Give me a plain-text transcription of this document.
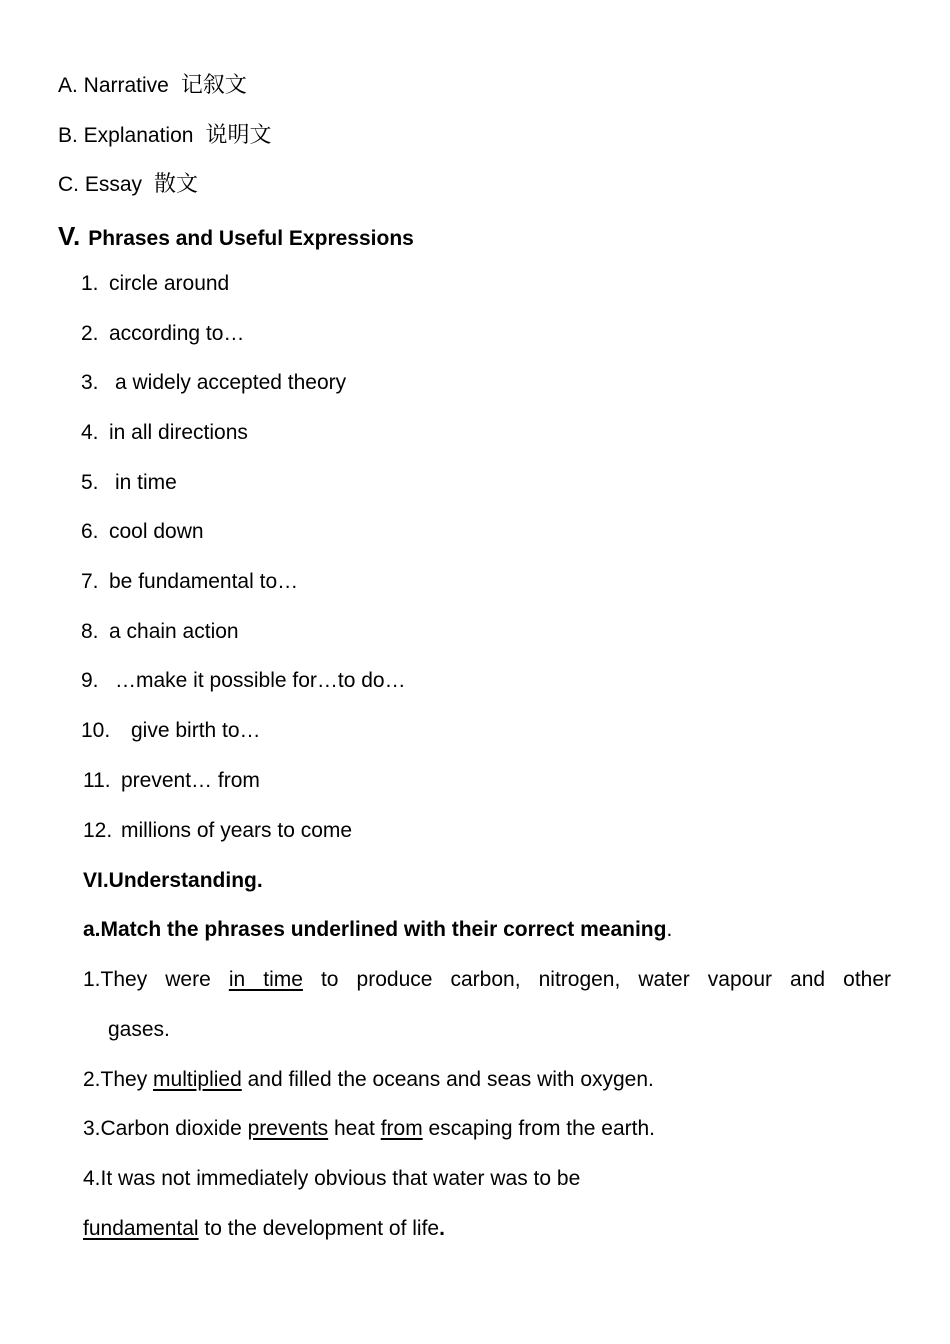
A. Narrative 记叙文
B. Explanation 说明文
C. Essay 散文
V. Phrases and Useful Expressions
1. circle around
2. according to…
3. a widely accepted theory
4. in all directions
5. in time
6. cool down
7. be fundamental to…
8. a chain action
9. …make it possible for…to do…
10. give birth to…
11. prevent… from
12. millions of years to come
VI.Understanding.
a.Match the phrases underlined with their correct meaning.
1.They were in time to produce carbon, nitrogen, water vapour and other
gases.
2.They multiplied and filled the oceans and seas with oxygen.
3.Carbon dioxide prevents heat from escaping from the earth.
4.It was not immediately obvious that water was to be
fundamental to the development of life.
